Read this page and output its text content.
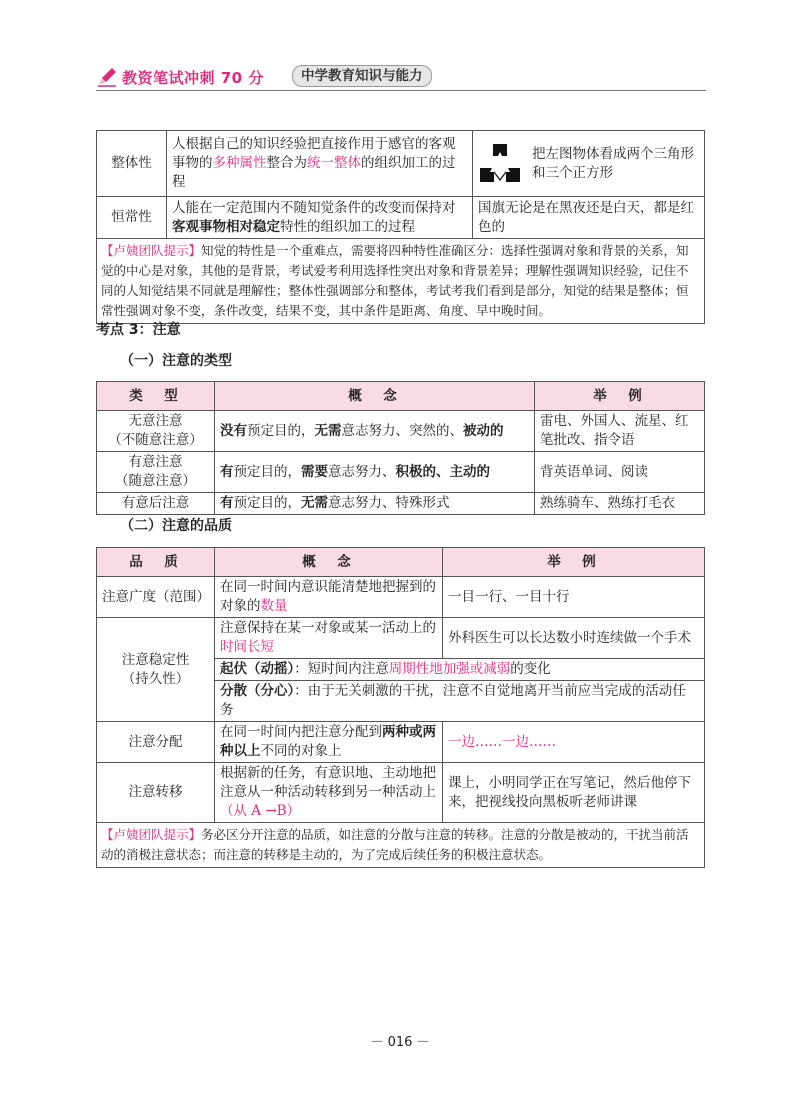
教资笔试冲刺 70 分	中学教育知识与能力
整体性	人根据自己的知识经验把直接作用于感官的客观事物的多种属性整合为统一整体的组织加工的过程	把左图物体看成两个三角形和三个正方形

恒常性	人能在一定范围内不随知觉条件的改变而保持对客观事物相对稳定特性的组织加工的过程	国旗无论是在黑夜还是白天，都是红色的
【卢姨团队提示】知觉的特性是一个重难点，需要将四种特性准确区分：选择性强调对象和背景的关系，知觉的中心是对象，其他的是背景，考试爱考利用选择性突出对象和背景差异；理解性强调知识经验，记住不同的人知觉结果不同就是理解性；整体性强调部分和整体，考试考我们看到是部分，知觉的结果是整体；恒常性强调对象不变，条件改变，结果不变，其中条件是距离、角度、早中晚时间。		
考点 3：注意
（一）注意的类型
类　型	概　念	举　例

无意注意
（不随意注意）	没有预定目的，无需意志努力、突然的、被动的	雷电、外国人、流星、红笔批改、指令语

有意注意
（随意注意）	有预定目的，需要意志努力、积极的、主动的	背英语单词、阅读
有意后注意	有预定目的，无需意志努力、特殊形式	熟练骑车、熟练打毛衣
（二）注意的品质
品　质	概　念	举　例
注意广度（范围）	在同一时间内意识能清楚地把握到的对象的数量	一目一行、一目十行

注意稳定性
（持久性）	注意保持在某一对象或某一活动上的时间长短	外科医生可以长达数小时连续做一个手术
	起伏（动摇）：短时间内注意周期性地加强或减弱的变化	
	分散（分心）：由于无关刺激的干扰，注意不自觉地离开当前应当完成的活动任务	
注意分配	在同一时间内把注意分配到两种或两种以上不同的对象上	一边……一边……
注意转移	根据新的任务，有意识地、主动地把注意从一种活动转移到另一种活动上（从 A →B）	课上，小明同学正在写笔记，然后他停下来，把视线投向黑板听老师讲课
【卢姨团队提示】务必区分开注意的品质，如注意的分散与注意的转移。注意的分散是被动的，干扰当前活动的消极注意状态；而注意的转移是主动的，为了完成后续任务的积极注意状态。		
－ 016 －
